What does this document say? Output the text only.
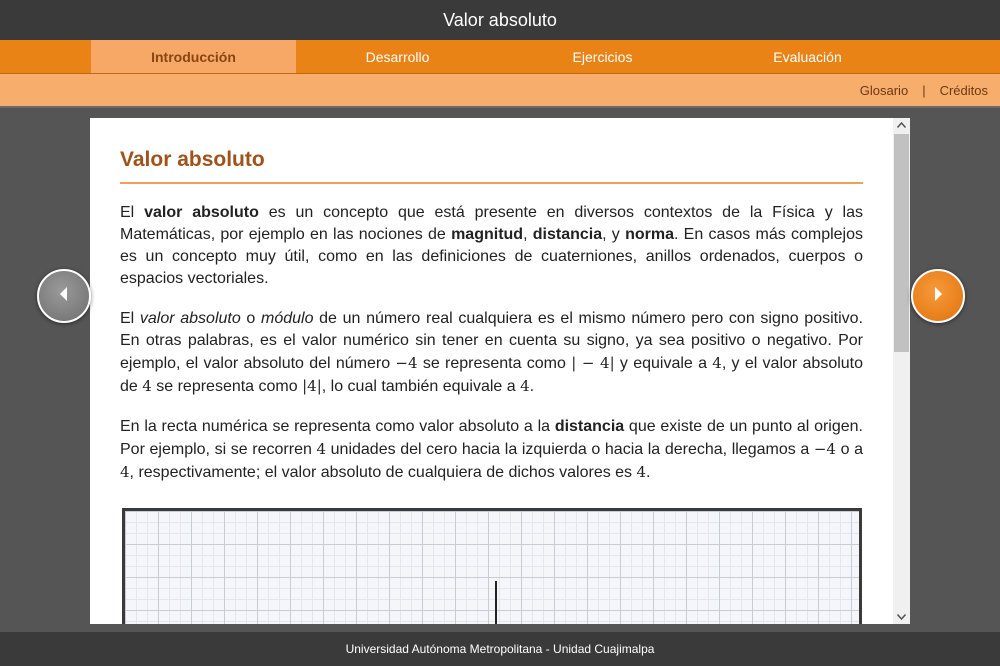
Valor absoluto
Introducción	Desarrollo	Ejercicios	Evaluación
Glosario | Créditos
Valor absoluto

El valor absoluto es un concepto que está presente en diversos contextos de la Física y las Matemáticas, por ejemplo en las nociones de magnitud, distancia, y norma. En casos más complejos es un concepto muy útil, como en las definiciones de cuaterniones, anillos ordenados, cuerpos o espacios vectoriales.

El valor absoluto o módulo de un número real cualquiera es el mismo número pero con signo positivo. En otras palabras, es el valor numérico sin tener en cuenta su signo, ya sea positivo o negativo. Por ejemplo, el valor absoluto del número −4 se representa como | − 4| y equivale a 4, y el valor absoluto de 4 se representa como |4|, lo cual también equivale a 4.

En la recta numérica se representa como valor absoluto a la distancia que existe de un punto al origen. Por ejemplo, si se recorren 4 unidades del cero hacia la izquierda o hacia la derecha, llegamos a −4 o a 4, respectivamente; el valor absoluto de cualquiera de dichos valores es 4.

Universidad Autónoma Metropolitana - Unidad Cuajimalpa
